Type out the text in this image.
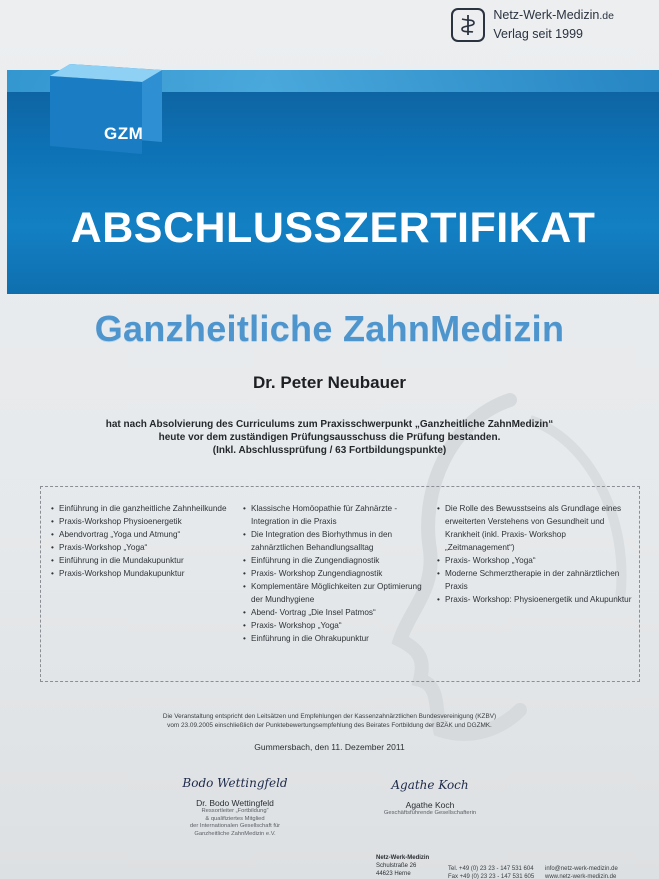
Netz-Werk-Medizin.de
Verlag seit 1999
GZM
ABSCHLUSSZERTIFIKAT
Ganzheitliche ZahnMedizin
Dr. Peter Neubauer
hat nach Absolvierung des Curriculums zum Praxisschwerpunkt „Ganzheitliche ZahnMedizin“
heute vor dem zuständigen Prüfungsausschuss die Prüfung bestanden.
(Inkl. Abschlussprüfung / 63 Fortbildungspunkte)
• Einführung in die ganzheitliche Zahnheilkunde
• Praxis-Workshop Physioenergetik
• Abendvortrag „Yoga und Atmung“
• Praxis-Workshop „Yoga“
• Einführung in die Mundakupunktur
• Praxis-Workshop Mundakupunktur
• Klassische Homöopathie für Zahnärzte - Integration in die Praxis
• Die Integration des Biorhythmus in den zahnärztlichen Behandlungsalltag
• Einführung in die Zungendiagnostik
• Praxis- Workshop Zungendiagnostik
• Komplementäre Möglichkeiten zur Optimierung der Mundhygiene
• Abend- Vortrag „Die Insel Patmos“
• Praxis- Workshop „Yoga“
• Einführung in die Ohrakupunktur
• Die Rolle des Bewusstseins als Grundlage eines erweiterten Verstehens von Gesundheit und Krankheit (inkl. Praxis- Workshop „Zeitmanagement“)
• Praxis- Workshop „Yoga“
• Moderne Schmerztherapie in der zahnärztlichen Praxis
• Praxis- Workshop: Physioenergetik und Akupunktur
Die Veranstaltung entspricht den Leitsätzen und Empfehlungen der Kassenzahnärztlichen Bundesvereinigung (KZBV)
vom 23.09.2005 einschließlich der Punktebewertungsempfehlung des Beirates Fortbildung der BZÄK und DGZMK.
Gummersbach, den 11. Dezember 2011
Bodo Wettingfeld
Dr. Bodo Wettingfeld
Ressortleiter „Fortbildung“
& qualifiziertes Mitglied
der Internationalen Gesellschaft für
Ganzheitliche ZahnMedizin e.V.
Agathe Koch
Agathe Koch
Geschäftsführende Gesellschafterin
Netz-Werk-Medizin
Schulstraße 26
44623 Herne
Tel. +49 (0) 23 23 - 147 531 604
Fax +49 (0) 23 23 - 147 531 605
info@netz-werk-medizin.de
www.netz-werk-medizin.de
